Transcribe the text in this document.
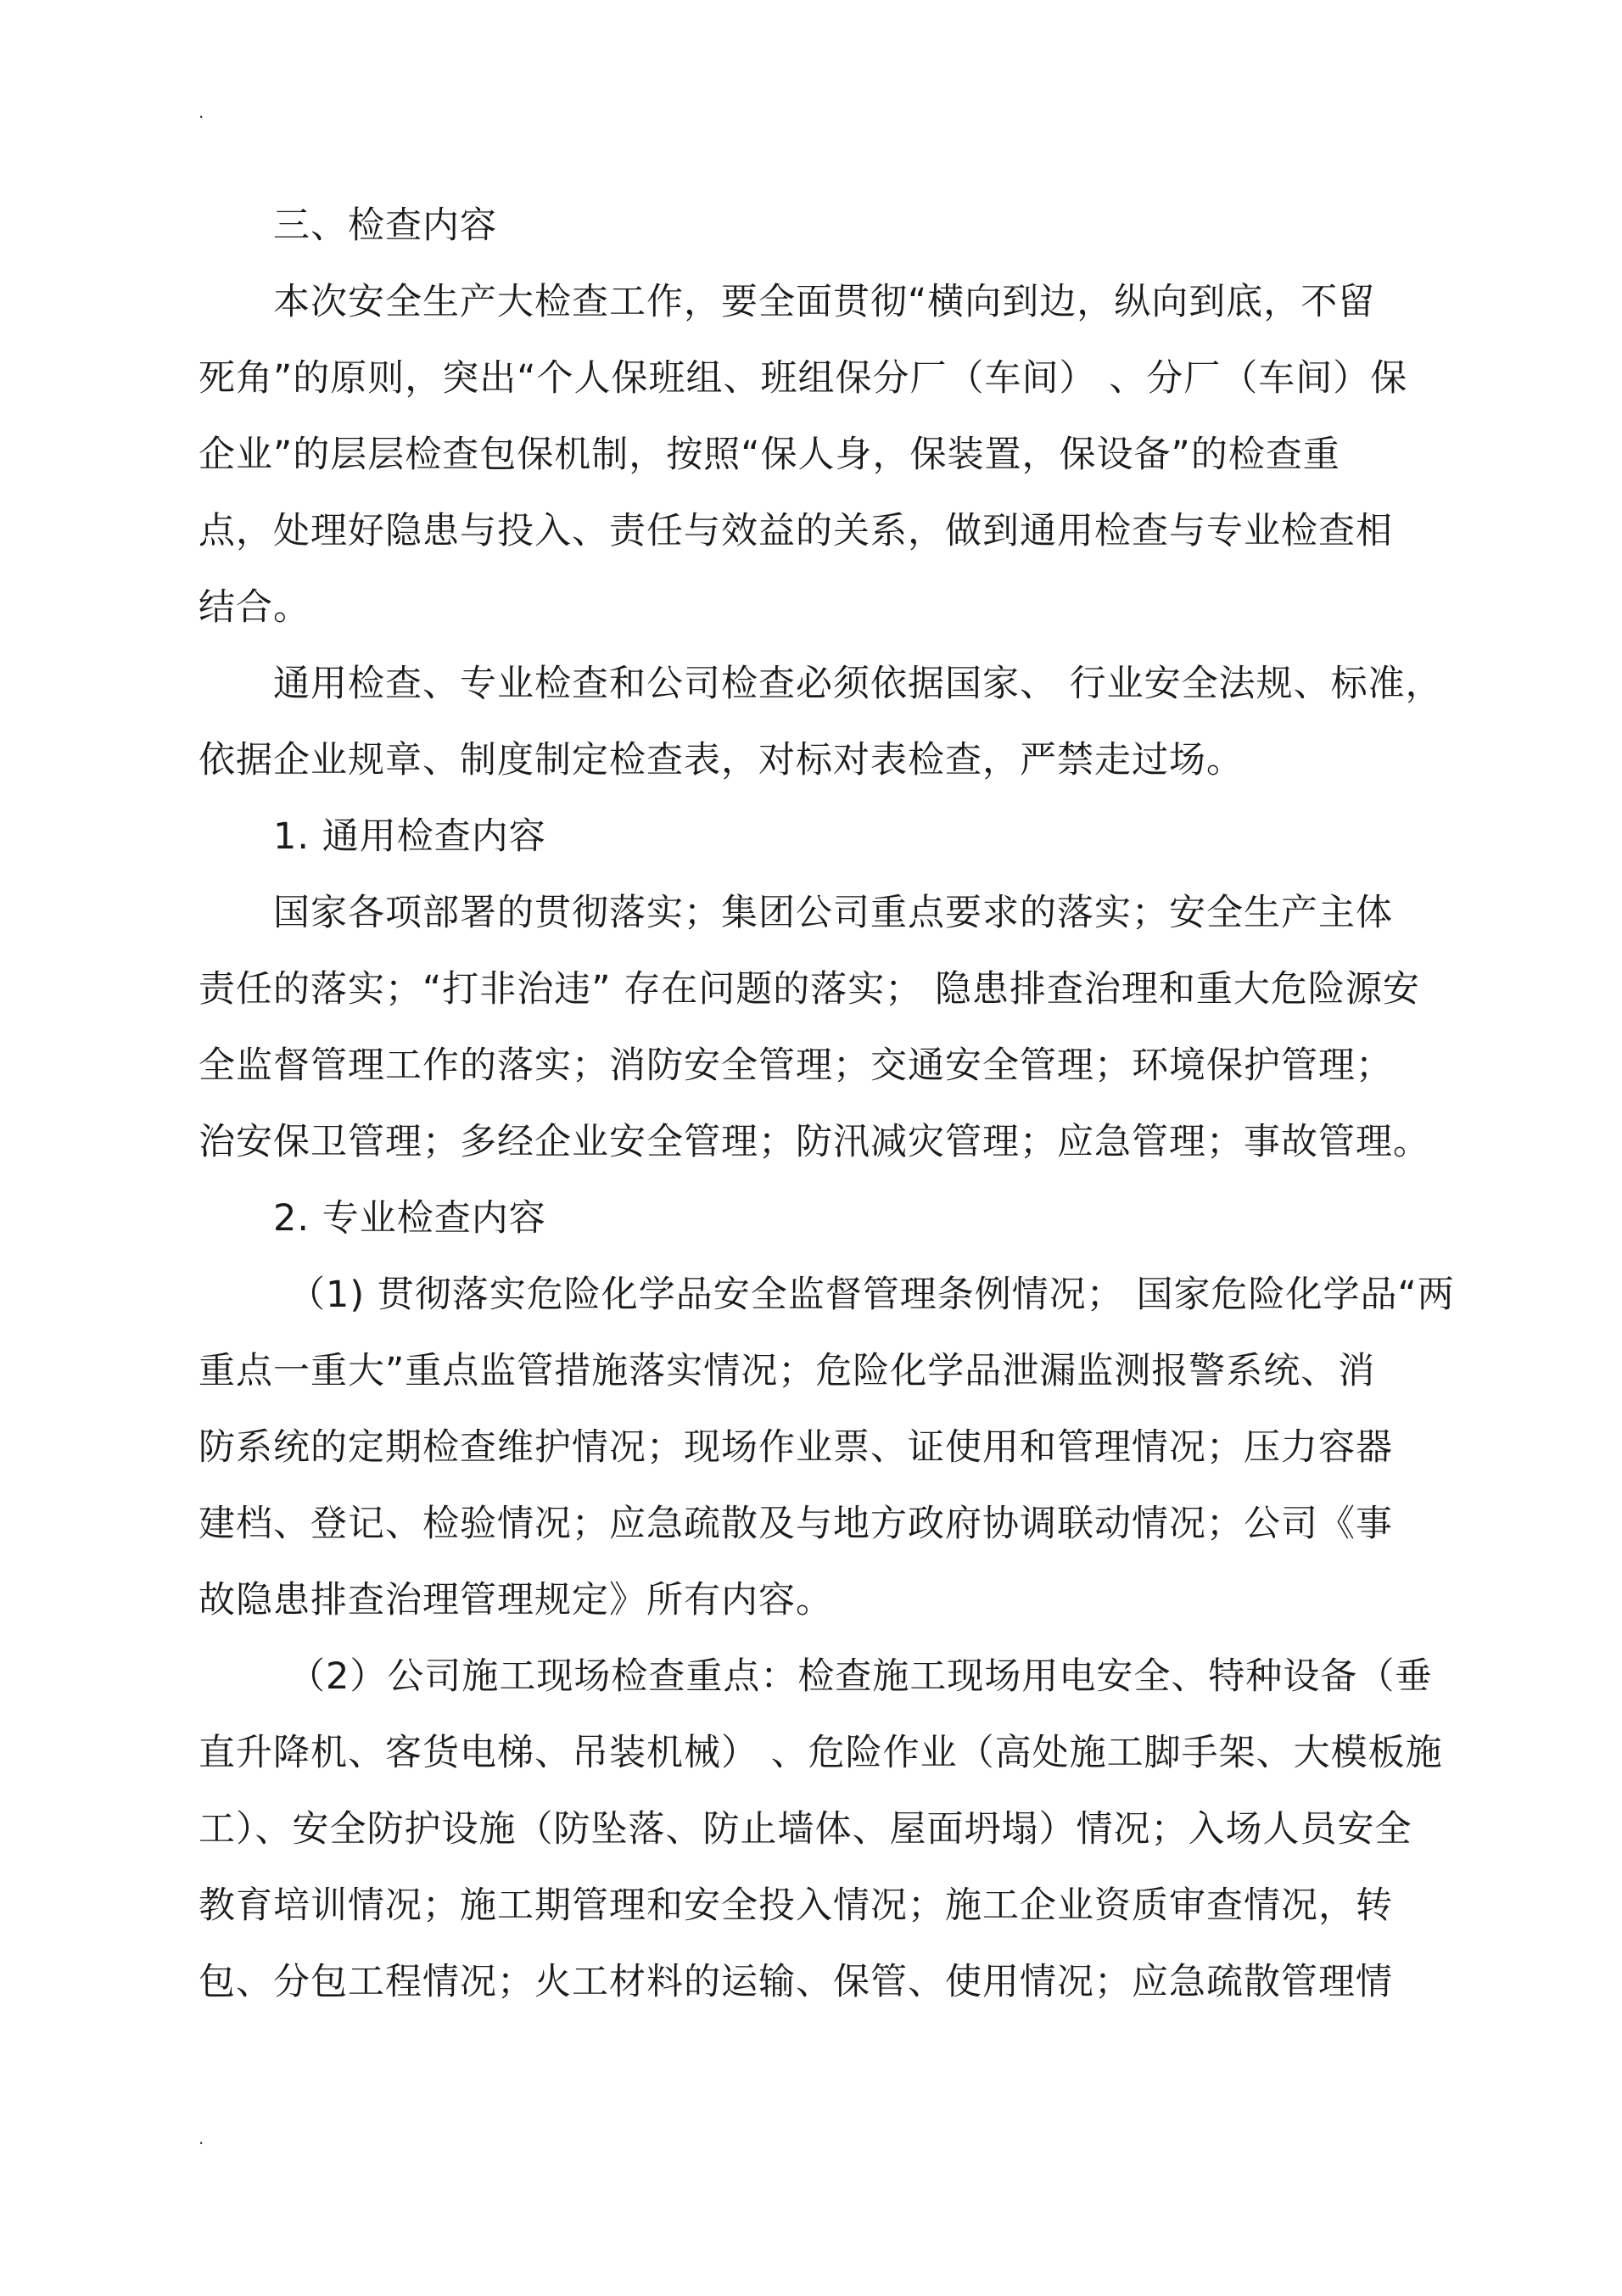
.
三、检查内容
本次安全生产大检查工作，要全面贯彻“横向到边，纵向到底，不留
死角”的原则，突出“个人保班组、班组保分厂（车间） 、分厂（车间）保
企业”的层层检查包保机制，按照“保人身，保装置，保设备”的检查重
点，处理好隐患与投入、责任与效益的关系，做到通用检查与专业检查相
结合。
通用检查、专业检查和公司检查必须依据国家、 行业安全法规、标准，
依据企业规章、制度制定检查表，对标对表检查，严禁走过场。
1. 通用检查内容
国家各项部署的贯彻落实；集团公司重点要求的落实；安全生产主体
责任的落实；“打非治违” 存在问题的落实； 隐患排查治理和重大危险源安
全监督管理工作的落实；消防安全管理；交通安全管理；环境保护管理；
治安保卫管理；多经企业安全管理；防汛减灾管理；应急管理；事故管理。
2. 专业检查内容
（1) 贯彻落实危险化学品安全监督管理条例情况； 国家危险化学品“两
重点一重大”重点监管措施落实情况；危险化学品泄漏监测报警系统、消
防系统的定期检查维护情况；现场作业票、证使用和管理情况；压力容器
建档、登记、检验情况；应急疏散及与地方政府协调联动情况；公司《事
故隐患排查治理管理规定》所有内容。
（2）公司施工现场检查重点：检查施工现场用电安全、特种设备（垂
直升降机、客货电梯、吊装机械） 、危险作业（高处施工脚手架、大模板施
工）、安全防护设施（防坠落、防止墙体、屋面坍塌）情况；入场人员安全
教育培训情况；施工期管理和安全投入情况；施工企业资质审查情况，转
包、分包工程情况；火工材料的运输、保管、使用情况；应急疏散管理情
.
